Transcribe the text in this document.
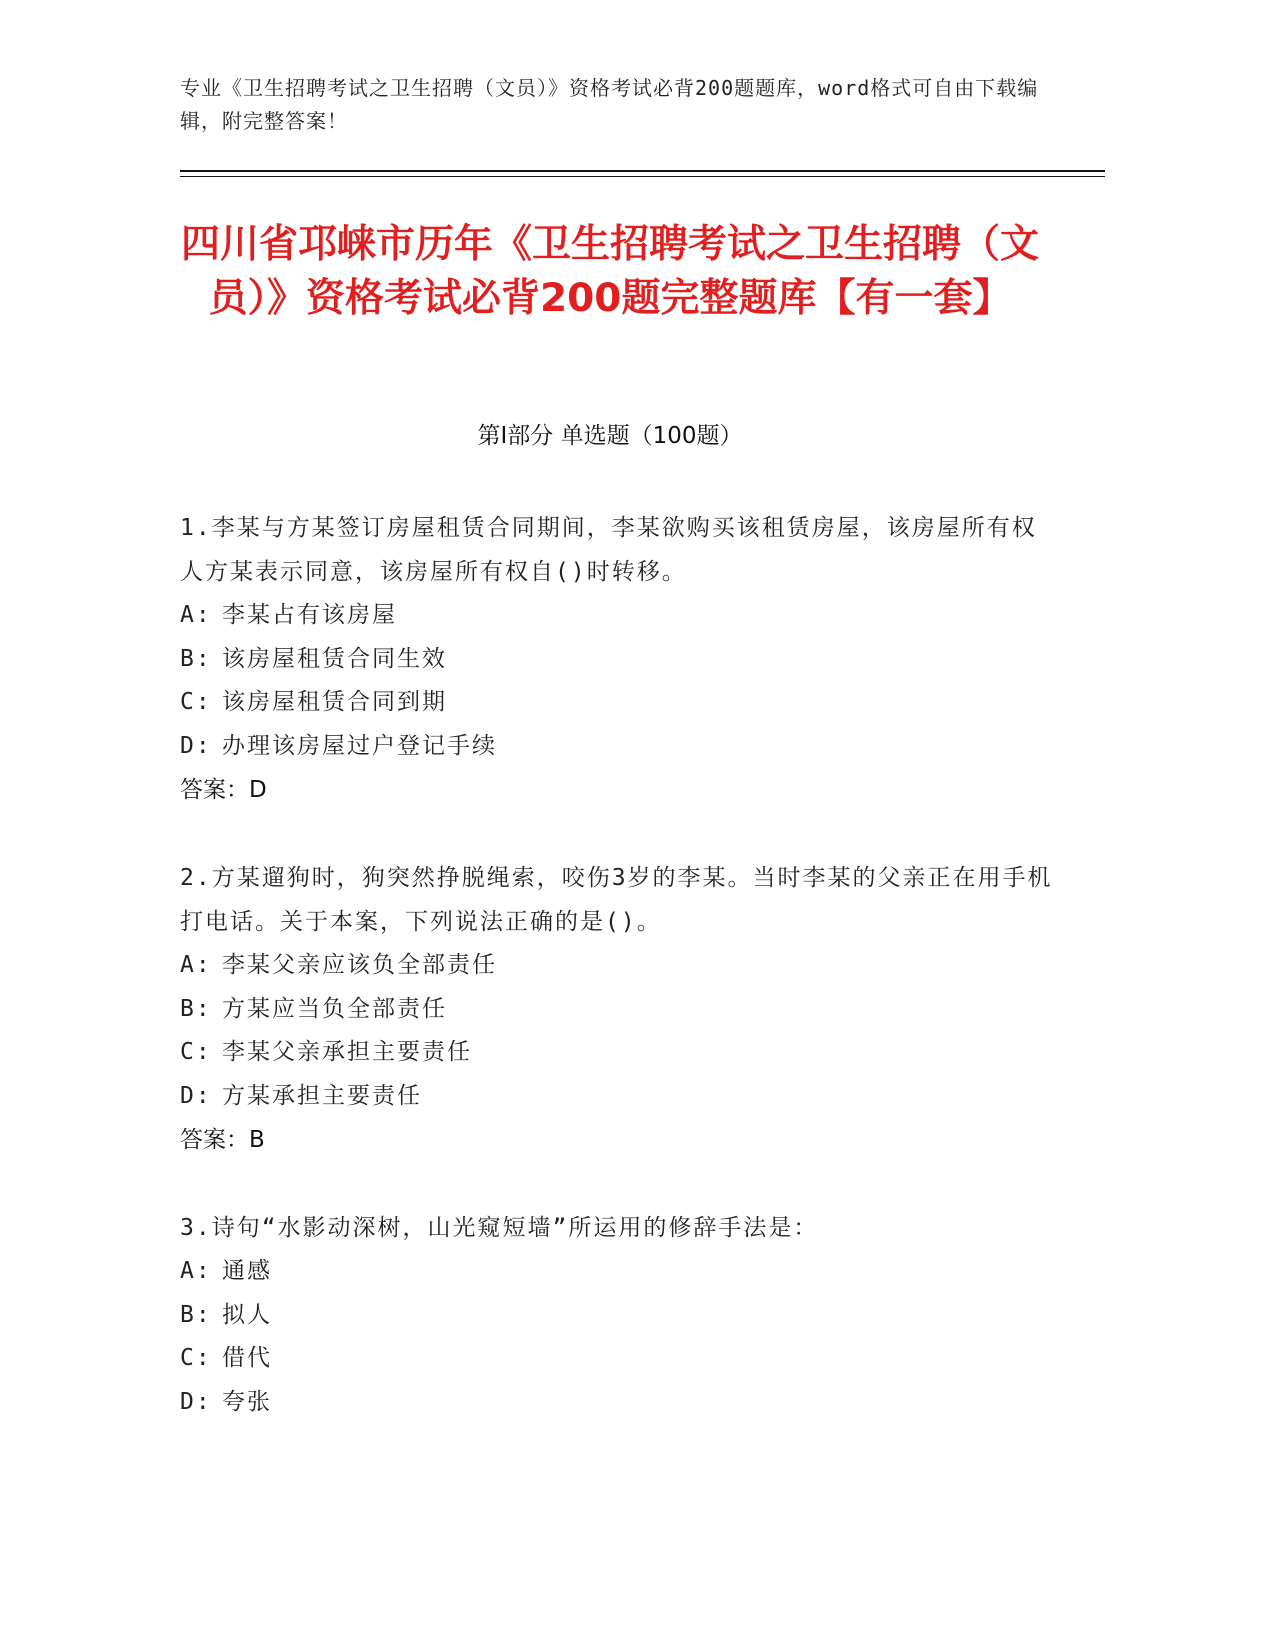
专业《卫生招聘考试之卫生招聘（文员）》资格考试必背200题题库，word格式可自由下载编辑，附完整答案！
四川省邛崃市历年《卫生招聘考试之卫生招聘（文员）》资格考试必背200题完整题库【有一套】
第I部分 单选题（100题）
1.李某与方某签订房屋租赁合同期间，李某欲购买该租赁房屋，该房屋所有权人方某表示同意，该房屋所有权自()时转移。
A: 李某占有该房屋
B: 该房屋租赁合同生效
C: 该房屋租赁合同到期
D: 办理该房屋过户登记手续
答案：D
2.方某遛狗时，狗突然挣脱绳索，咬伤3岁的李某。当时李某的父亲正在用手机打电话。关于本案，下列说法正确的是()。
A: 李某父亲应该负全部责任
B: 方某应当负全部责任
C: 李某父亲承担主要责任
D: 方某承担主要责任
答案：B
3.诗句“水影动深树，山光窥短墙”所运用的修辞手法是：
A: 通感
B: 拟人
C: 借代
D: 夸张
